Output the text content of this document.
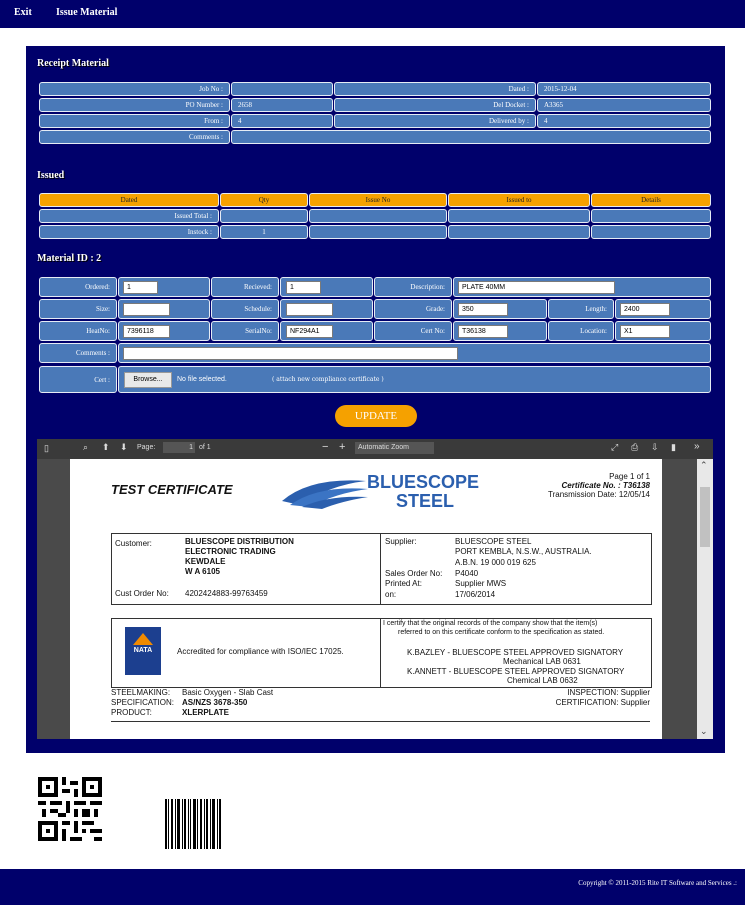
Exit Issue Material
Receipt Material
Job No :	Dated : 2015-12-04
PO Number : 2658	Del Docket : A3365
From : 4	Delivered by : 4
Comments :
Issued
Dated	Qty	Issue No	Issued to	Details
Issued Total :
Instock :	1
Material ID : 2
Ordered:	1	Recieved:	1	Description:	PLATE 40MM
Size:	Schedule:	Grade:	350	Length:	2400
HeatNo:	7396118	SerialNo:	NF294A1	Cert No:	T36138	Location:	X1
Comments :
Cert :	Browse...	No file selected.	( attach new compliance certificate )
UPDATE
▯	⌕ ⬆ ⬇ Page:	1 of 1	− +	Automatic Zoom	⤢ ⎙ ⇩ ▮ »
TEST CERTIFICATE	BLUESCOPE
STEEL
Page 1 of 1
Certificate No. : T36138
Transmission Date: 12/05/14
Customer:	BLUESCOPE DISTRIBUTION
ELECTRONIC TRADING
KEWDALE
W A 6105
Cust Order No: 4202424883-99763459
Supplier:	BLUESCOPE STEEL
PORT KEMBLA, N.S.W., AUSTRALIA.
A.B.N. 19 000 019 625
Sales Order No: P4040
Printed At:	Supplier MWS
on:	17/06/2014
NATA	Accredited for compliance with ISO/IEC 17025.
I certify that the original records of the company show that the item(s)
referred to on this certificate conform to the specification as stated.
K.BAZLEY - BLUESCOPE STEEL APPROVED SIGNATORY
Mechanical LAB 0631
K.ANNETT - BLUESCOPE STEEL APPROVED SIGNATORY
Chemical LAB 0632
STEELMAKING: Basic Oxygen - Slab Cast
SPECIFICATION: AS/NZS 3678-350
PRODUCT:	XLERPLATE
INSPECTION: Supplier
CERTIFICATION: Supplier
⌃
⌄
Copyright © 2011-2015 Rite IT Software and Services .:
